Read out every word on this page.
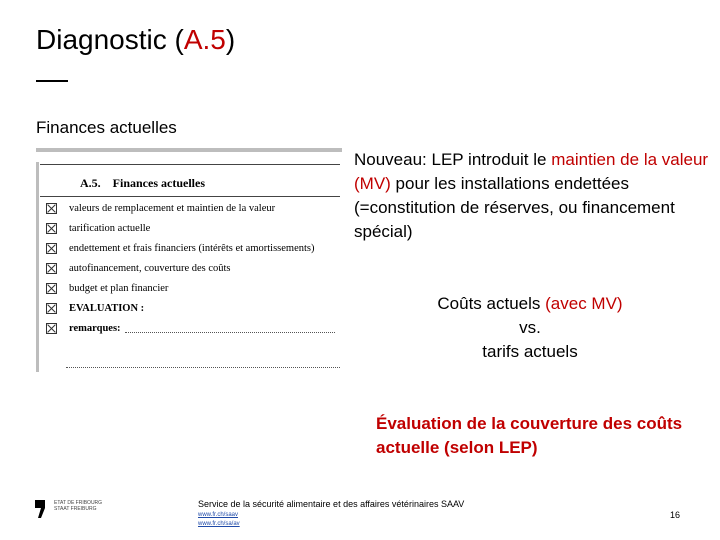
Diagnostic (A.5)
Finances actuelles
A.5. Finances actuelles
valeurs de remplacement et maintien de la valeur
tarification actuelle
endettement et frais financiers (intérêts et amortissements)
autofinancement, couverture des coûts
budget et plan financier
EVALUATION :
remarques:
Nouveau: LEP introduit le maintien de la valeur (MV) pour les installations endettées (=constitution de réserves, ou financement spécial)
Coûts actuels (avec MV)
vs.
tarifs actuels
Évaluation de la couverture des coûts actuelle (selon LEP)
ETAT DE FRIBOURG
STAAT FREIBURG	Service de la sécurité alimentaire et des affaires vétérinaires SAAV
www.fr.ch/saav
www.fr.ch/sa/av
16
